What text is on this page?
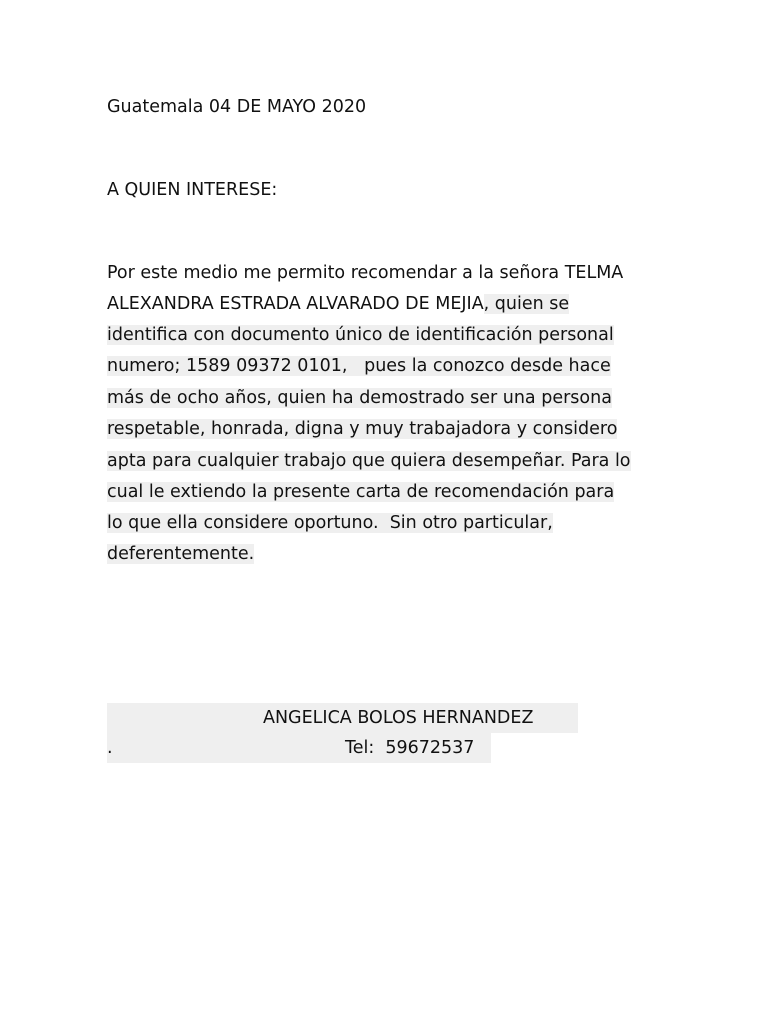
Guatemala 04 DE MAYO 2020
A QUIEN INTERESE:
Por este medio me permito recomendar a la señora TELMA
ALEXANDRA ESTRADA ALVARADO DE MEJIA, quien se
identifica con documento único de identificación personal
numero; 1589 09372 0101,   pues la conozco desde hace
más de ocho años, quien ha demostrado ser una persona
respetable, honrada, digna y muy trabajadora y considero
apta para cualquier trabajo que quiera desempeñar. Para lo
cual le extiendo la presente carta de recomendación para
lo que ella considere oportuno.  Sin otro particular,
deferentemente.

ANGELICA BOLOS HERNANDEZ

.

	Tel:  59672537
